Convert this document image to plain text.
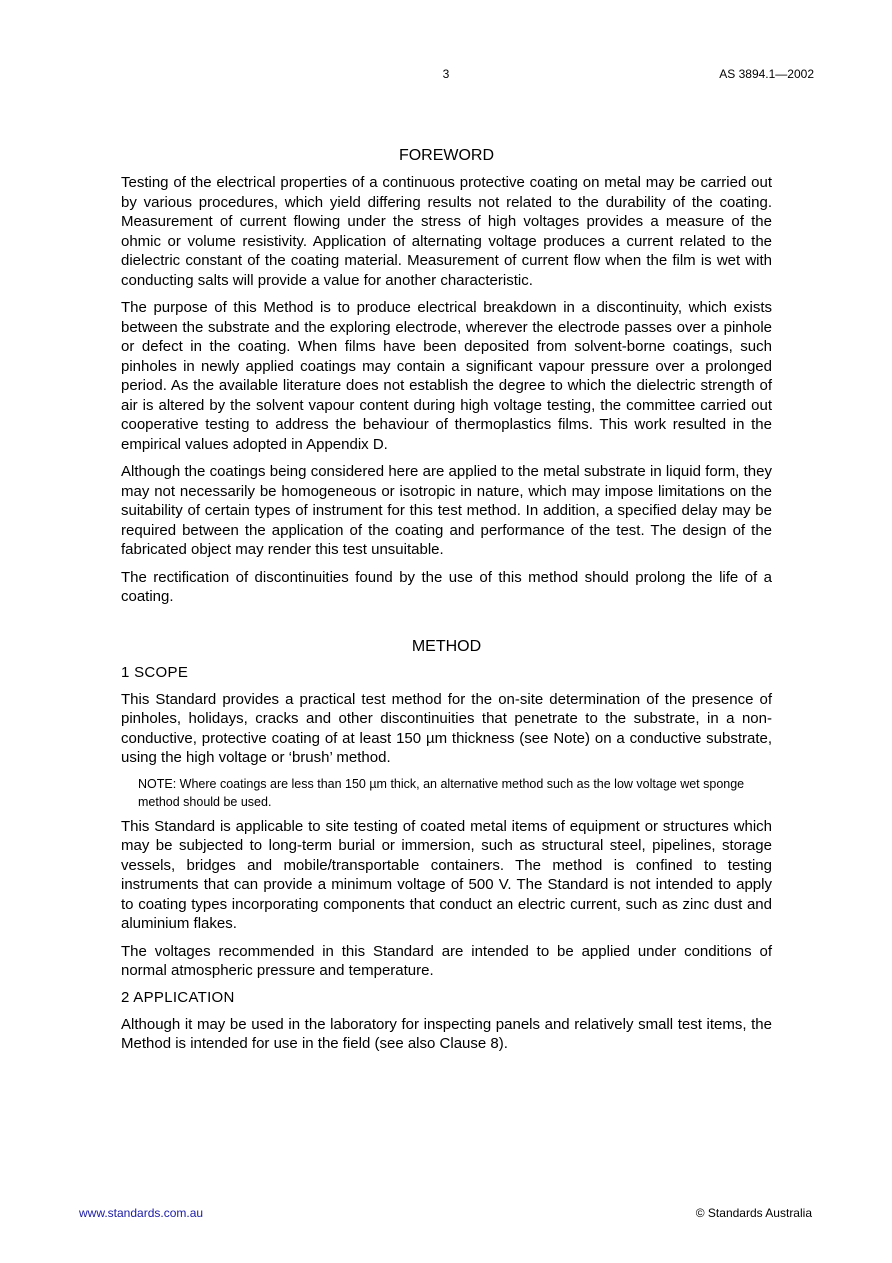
3	AS 3894.1—2002
FOREWORD

Testing of the electrical properties of a continuous protective coating on metal may be carried out by various procedures, which yield differing results not related to the durability of the coating. Measurement of current flowing under the stress of high voltages provides a measure of the ohmic or volume resistivity. Application of alternating voltage produces a current related to the dielectric constant of the coating material. Measurement of current flow when the film is wet with conducting salts will provide a value for another characteristic.

The purpose of this Method is to produce electrical breakdown in a discontinuity, which exists between the substrate and the exploring electrode, wherever the electrode passes over a pinhole or defect in the coating. When films have been deposited from solvent-borne coatings, such pinholes in newly applied coatings may contain a significant vapour pressure over a prolonged period. As the available literature does not establish the degree to which the dielectric strength of air is altered by the solvent vapour content during high voltage testing, the committee carried out cooperative testing to address the behaviour of thermoplastics films. This work resulted in the empirical values adopted in Appendix D.

Although the coatings being considered here are applied to the metal substrate in liquid form, they may not necessarily be homogeneous or isotropic in nature, which may impose limitations on the suitability of certain types of instrument for this test method. In addition, a specified delay may be required between the application of the coating and performance of the test. The design of the fabricated object may render this test unsuitable.

The rectification of discontinuities found by the use of this method should prolong the life of a coating.

METHOD
1 SCOPE

This Standard provides a practical test method for the on-site determination of the presence of pinholes, holidays, cracks and other discontinuities that penetrate to the substrate, in a non-conductive, protective coating of at least 150 µm thickness (see Note) on a conductive substrate, using the high voltage or ‘brush’ method.

NOTE: Where coatings are less than 150 µm thick, an alternative method such as the low voltage wet sponge method should be used.

This Standard is applicable to site testing of coated metal items of equipment or structures which may be subjected to long-term burial or immersion, such as structural steel, pipelines, storage vessels, bridges and mobile/transportable containers. The method is confined to testing instruments that can provide a minimum voltage of 500 V. The Standard is not intended to apply to coating types incorporating components that conduct an electric current, such as zinc dust and aluminium flakes.

The voltages recommended in this Standard are intended to be applied under conditions of normal atmospheric pressure and temperature.

2 APPLICATION

Although it may be used in the laboratory for inspecting panels and relatively small test items, the Method is intended for use in the field (see also Clause 8).

www.standards.com.au	© Standards Australia
